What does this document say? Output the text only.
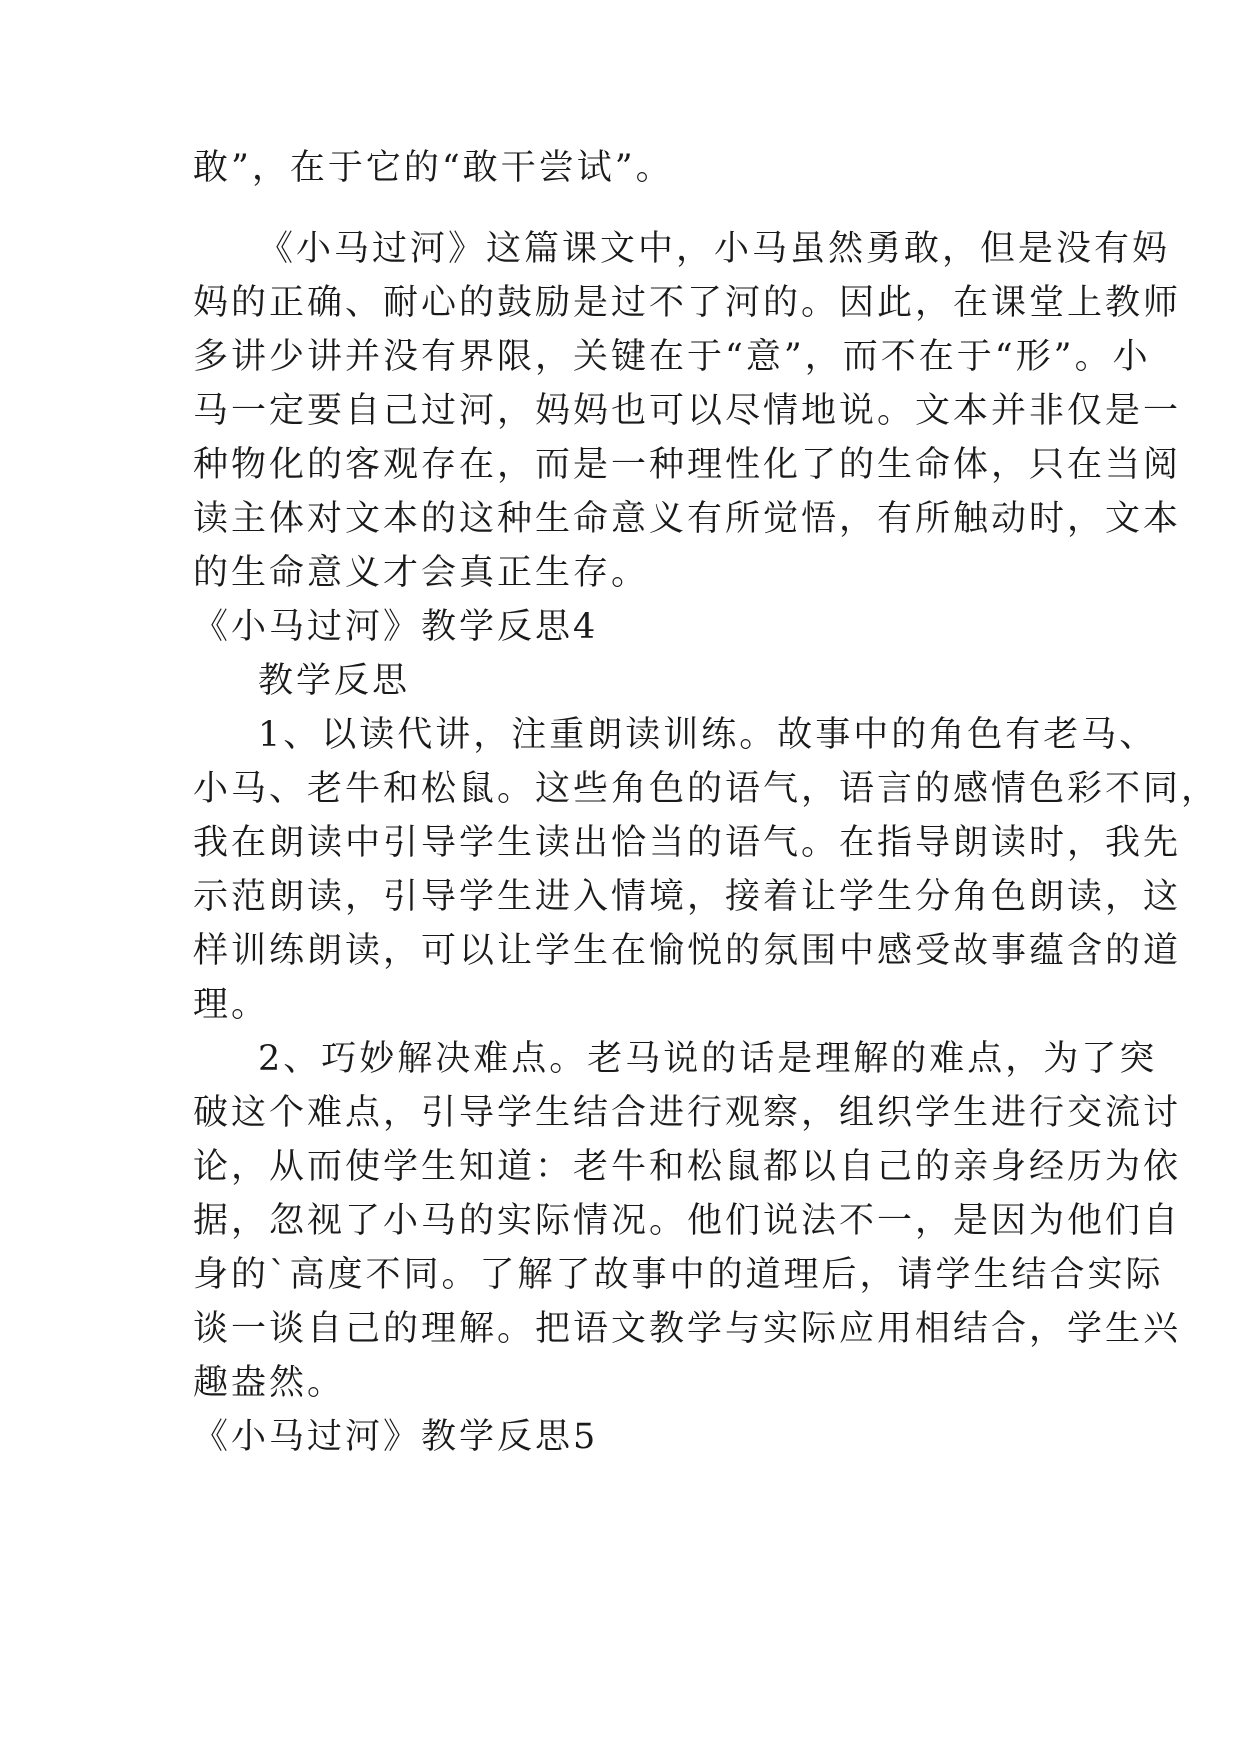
敢”，在于它的“敢干尝试”。
《小马过河》这篇课文中，小马虽然勇敢，但是没有妈
妈的正确、耐心的鼓励是过不了河的。因此，在课堂上教师
多讲少讲并没有界限，关键在于“意”，而不在于“形”。小
马一定要自己过河，妈妈也可以尽情地说。文本并非仅是一
种物化的客观存在，而是一种理性化了的生命体，只在当阅
读主体对文本的这种生命意义有所觉悟，有所触动时，文本
的生命意义才会真正生存。
《小马过河》教学反思4
教学反思
1、以读代讲，注重朗读训练。故事中的角色有老马、
小马、老牛和松鼠。这些角色的语气，语言的感情色彩不同，
我在朗读中引导学生读出恰当的语气。在指导朗读时，我先
示范朗读，引导学生进入情境，接着让学生分角色朗读，这
样训练朗读，可以让学生在愉悦的氛围中感受故事蕴含的道
理。
2、巧妙解决难点。老马说的话是理解的难点，为了突
破这个难点，引导学生结合进行观察，组织学生进行交流讨
论，从而使学生知道：老牛和松鼠都以自己的亲身经历为依
据，忽视了小马的实际情况。他们说法不一，是因为他们自
身的`高度不同。了解了故事中的道理后，请学生结合实际
谈一谈自己的理解。把语文教学与实际应用相结合，学生兴
趣盎然。
《小马过河》教学反思5
